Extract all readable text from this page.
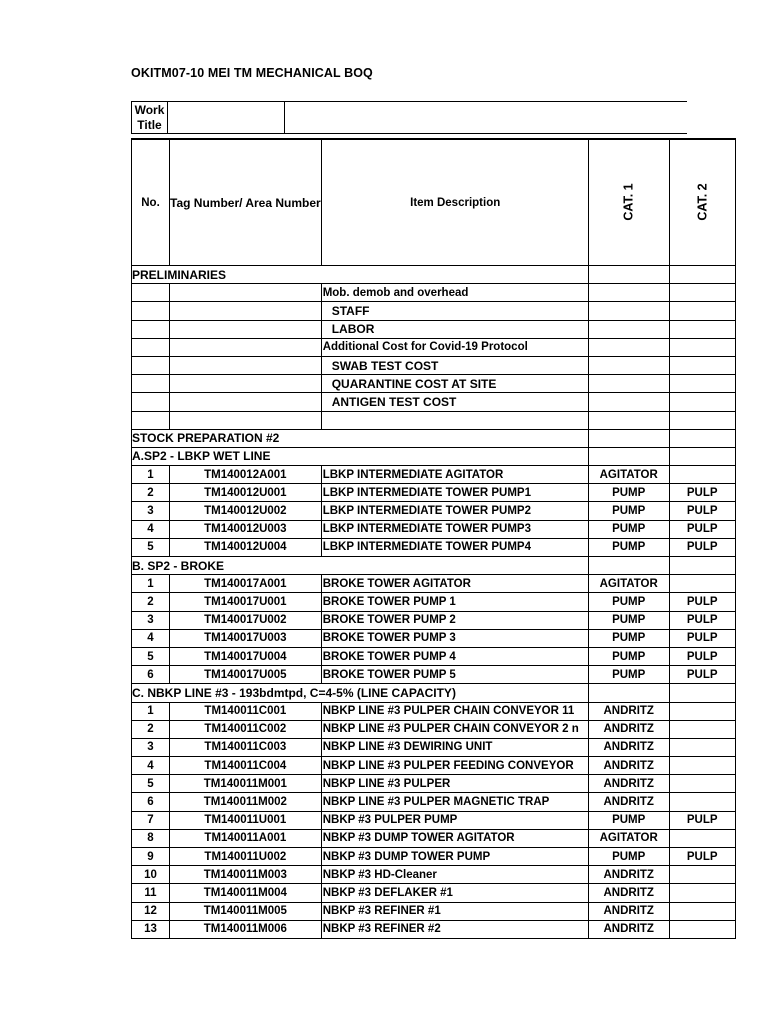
OKITM07-10 MEI TM MECHANICAL BOQ
Work
Title
No.	Tag Number/ Area Number	Item Description	CAT. 1	CAT. 2
PRELIMINARIES				
		Mob. demob and overhead		
		STAFF		
		LABOR		
		Additional Cost for Covid-19 Protocol		
		SWAB TEST COST		
		QUARANTINE COST AT SITE		
		ANTIGEN TEST COST		

STOCK PREPARATION #2				
A.SP2 - LBKP WET LINE				
1	TM140012A001	LBKP INTERMEDIATE AGITATOR	AGITATOR	
2	TM140012U001	LBKP INTERMEDIATE TOWER PUMP1	PUMP	PULP
3	TM140012U002	LBKP INTERMEDIATE TOWER PUMP2	PUMP	PULP
4	TM140012U003	LBKP INTERMEDIATE TOWER PUMP3	PUMP	PULP
5	TM140012U004	LBKP INTERMEDIATE TOWER PUMP4	PUMP	PULP
B. SP2 - BROKE				
1	TM140017A001	BROKE TOWER AGITATOR	AGITATOR	
2	TM140017U001	BROKE TOWER PUMP 1	PUMP	PULP
3	TM140017U002	BROKE TOWER PUMP 2	PUMP	PULP
4	TM140017U003	BROKE TOWER PUMP 3	PUMP	PULP
5	TM140017U004	BROKE TOWER PUMP 4	PUMP	PULP
6	TM140017U005	BROKE TOWER PUMP 5	PUMP	PULP
C. NBKP LINE #3 - 193bdmtpd, C=4-5% (LINE CAPACITY)				
1	TM140011C001	NBKP LINE #3 PULPER CHAIN CONVEYOR 11	ANDRITZ	
2	TM140011C002	NBKP LINE #3 PULPER CHAIN CONVEYOR 2 n	ANDRITZ	
3	TM140011C003	NBKP LINE #3 DEWIRING UNIT	ANDRITZ	
4	TM140011C004	NBKP LINE #3 PULPER FEEDING CONVEYOR	ANDRITZ	
5	TM140011M001	NBKP LINE #3 PULPER	ANDRITZ	
6	TM140011M002	NBKP LINE #3 PULPER MAGNETIC TRAP	ANDRITZ	
7	TM140011U001	NBKP #3 PULPER PUMP	PUMP	PULP
8	TM140011A001	NBKP #3 DUMP TOWER AGITATOR	AGITATOR	
9	TM140011U002	NBKP #3 DUMP TOWER PUMP	PUMP	PULP
10	TM140011M003	NBKP #3 HD-Cleaner	ANDRITZ	
11	TM140011M004	NBKP #3 DEFLAKER #1	ANDRITZ	
12	TM140011M005	NBKP #3 REFINER #1	ANDRITZ	
13	TM140011M006	NBKP #3 REFINER #2	ANDRITZ	
